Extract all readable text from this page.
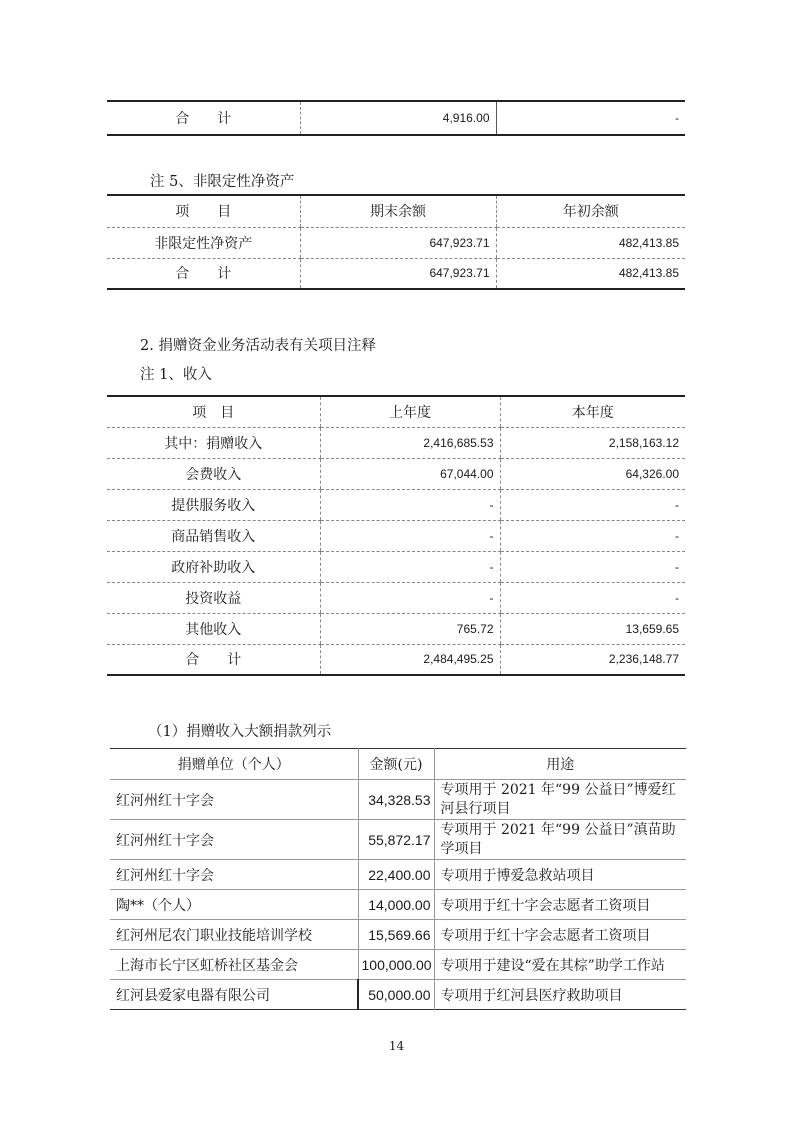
合　　计	4,916.00	-
注 5、非限定性净资产
项　　目	期末余额	年初余额
非限定性净资产	647,923.71	482,413.85
合　　计	647,923.71	482,413.85
2. 捐赠资金业务活动表有关项目注释
注 1、收入
项　目	上年度	本年度
其中：捐赠收入	2,416,685.53	2,158,163.12
会费收入	67,044.00	64,326.00
提供服务收入	-	-
商品销售收入	-	-
政府补助收入	-	-
投资收益	-	-
其他收入	765.72	13,659.65
合　　计	2,484,495.25	2,236,148.77
（1）捐赠收入大额捐款列示
捐赠单位（个人）	金额(元)	用途
红河州红十字会	34,328.53	专项用于 2021 年“99 公益日”博爱红河县行项目
红河州红十字会	55,872.17	专项用于 2021 年“99 公益日”滇苗助学项目
红河州红十字会	22,400.00	专项用于博爱急救站项目
陶**（个人）	14,000.00	专项用于红十字会志愿者工资项目
红河州尼农门职业技能培训学校	15,569.66	专项用于红十字会志愿者工资项目
上海市长宁区虹桥社区基金会	100,000.00	专项用于建设“爱在其棕”助学工作站
红河县爱家电器有限公司	50,000.00	专项用于红河县医疗救助项目
14
